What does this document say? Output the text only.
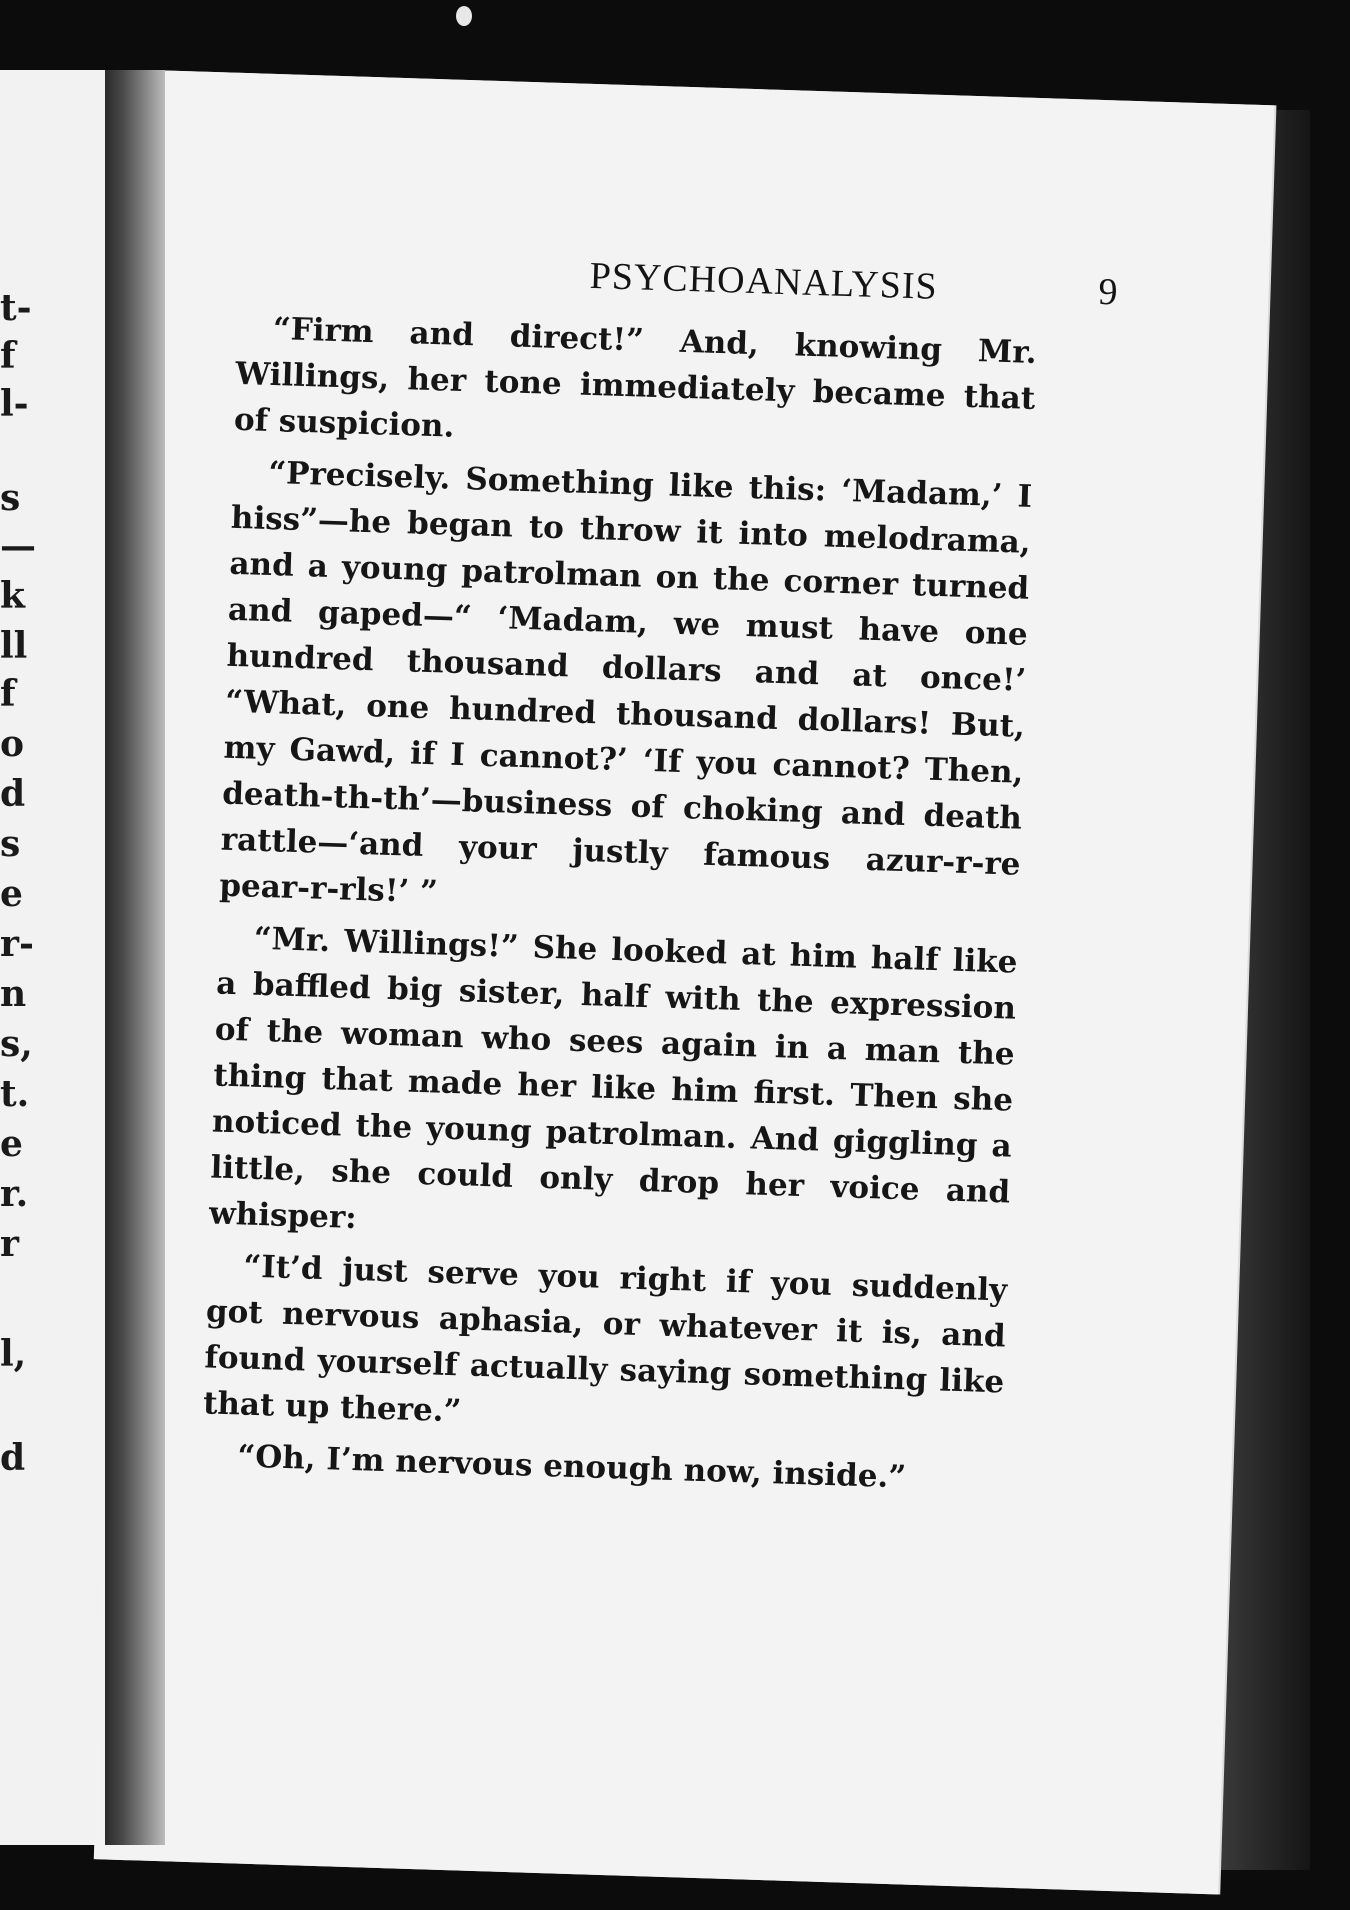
t-
f
l-
s
—
k
ll
f
o
d
s
e
r-
n
s,
t.
e
r.
r
l,
d
PSYCHOANALYSIS	9

“Firm and direct!” And, knowing Mr. Willings, her tone immediately became that of suspicion.

“Precisely. Something like this: ‘Madam,’ I hiss”—he began to throw it into melodrama, and a young patrolman on the corner turned and gaped—“ ‘Madam, we must have one hundred thousand dollars and at once!’ “What, one hundred thousand dollars! But, my Gawd, if I cannot?’ ‘If you cannot? Then, death-th-th’—business of choking and death rattle—‘and your justly famous azur-r-re pear-r-rls!’ ”

“Mr. Willings!” She looked at him half like a baffled big sister, half with the expression of the woman who sees again in a man the thing that made her like him first. Then she noticed the young patrolman. And giggling a little, she could only drop her voice and whisper:

“It’d just serve you right if you suddenly got nervous aphasia, or whatever it is, and found yourself actually saying something like that up there.”

“Oh, I’m nervous enough now, inside.”
